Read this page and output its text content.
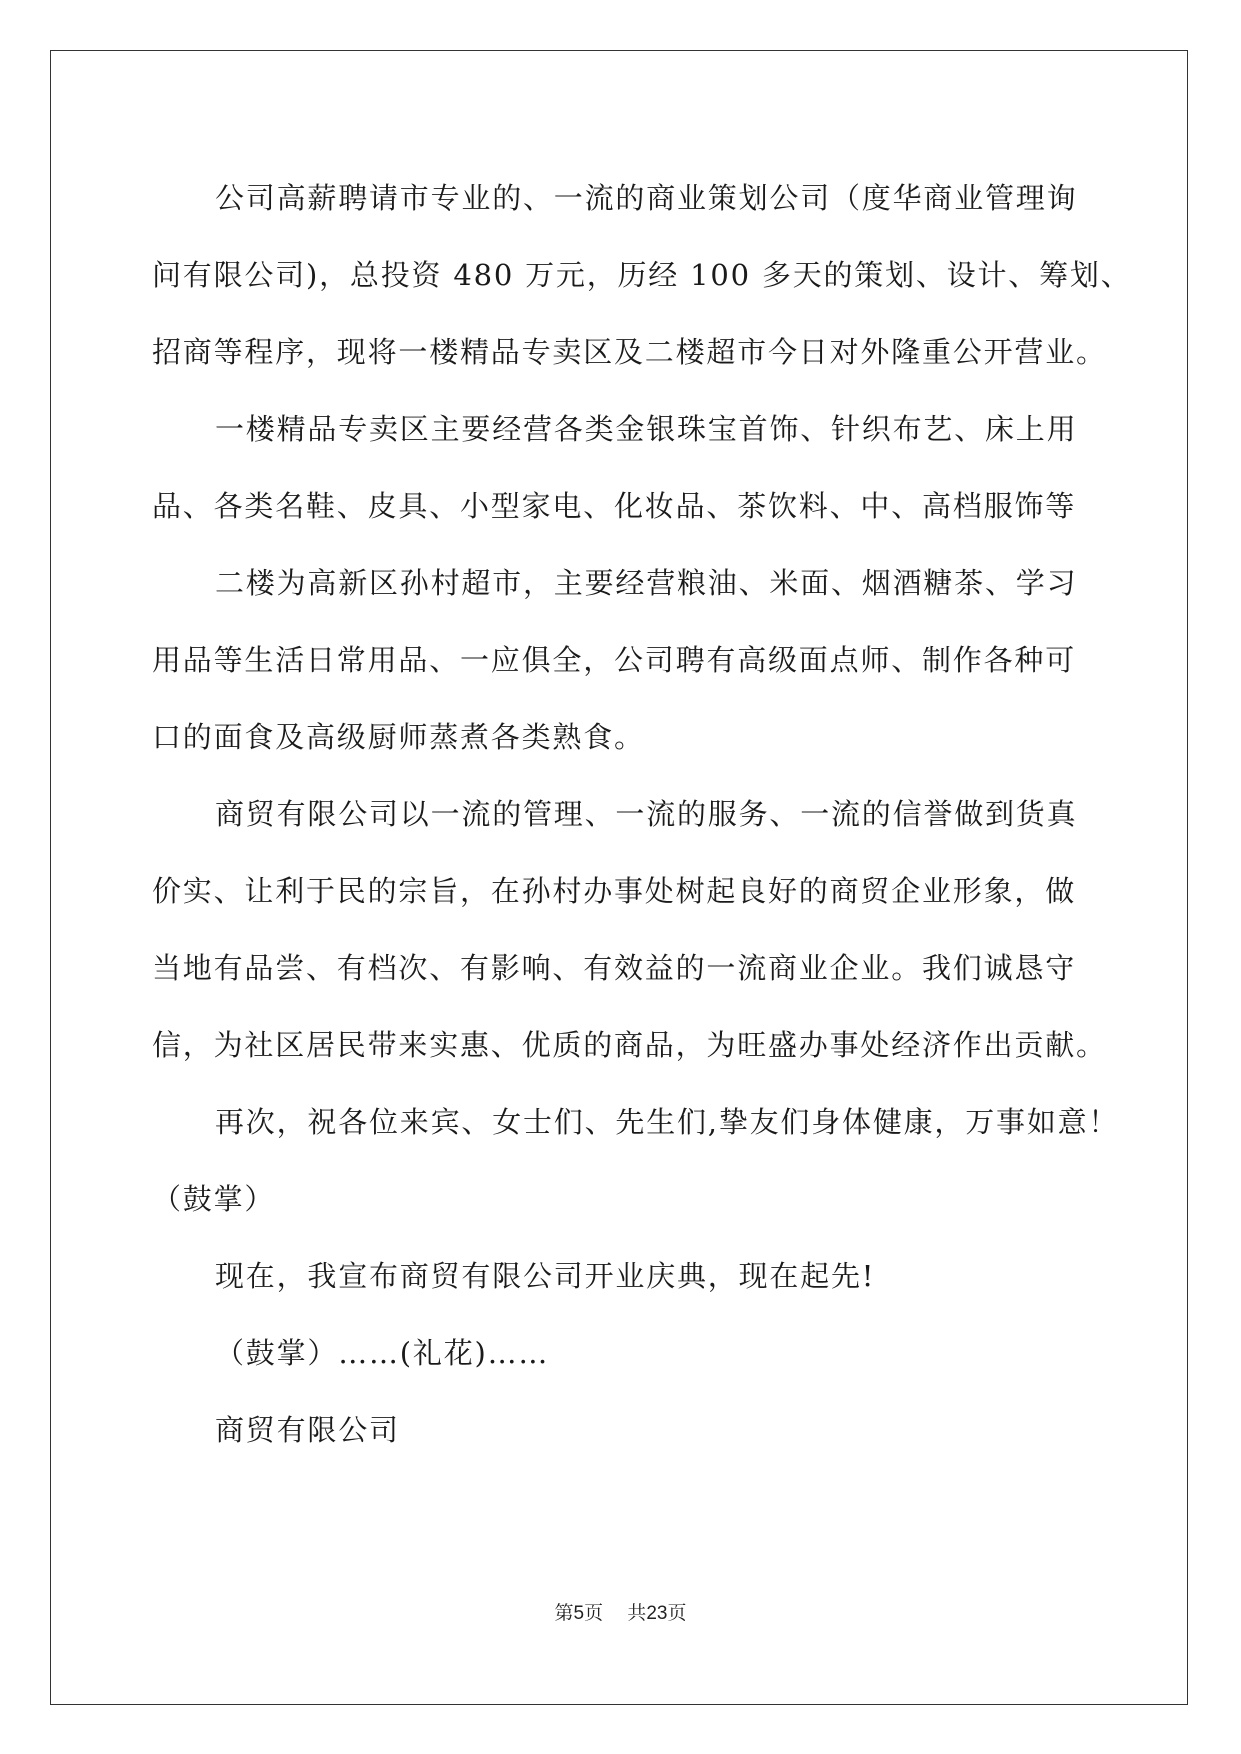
公司高薪聘请市专业的、一流的商业策划公司（度华商业管理询
问有限公司)，总投资 480 万元，历经 100 多天的策划、设计、筹划、
招商等程序，现将一楼精品专卖区及二楼超市今日对外隆重公开营业。
一楼精品专卖区主要经营各类金银珠宝首饰、针织布艺、床上用
品、各类名鞋、皮具、小型家电、化妆品、茶饮料、中、高档服饰等
二楼为高新区孙村超市，主要经营粮油、米面、烟酒糖茶、学习
用品等生活日常用品、一应俱全，公司聘有高级面点师、制作各种可
口的面食及高级厨师蒸煮各类熟食。
商贸有限公司以一流的管理、一流的服务、一流的信誉做到货真
价实、让利于民的宗旨，在孙村办事处树起良好的商贸企业形象，做
当地有品尝、有档次、有影响、有效益的一流商业企业。我们诚恳守
信，为社区居民带来实惠、优质的商品，为旺盛办事处经济作出贡献。
再次，祝各位来宾、女士们、先生们,挚友们身体健康，万事如意！
（鼓掌）
现在，我宣布商贸有限公司开业庆典，现在起先!
（鼓掌）……(礼花)……
商贸有限公司
第5页 共23页
